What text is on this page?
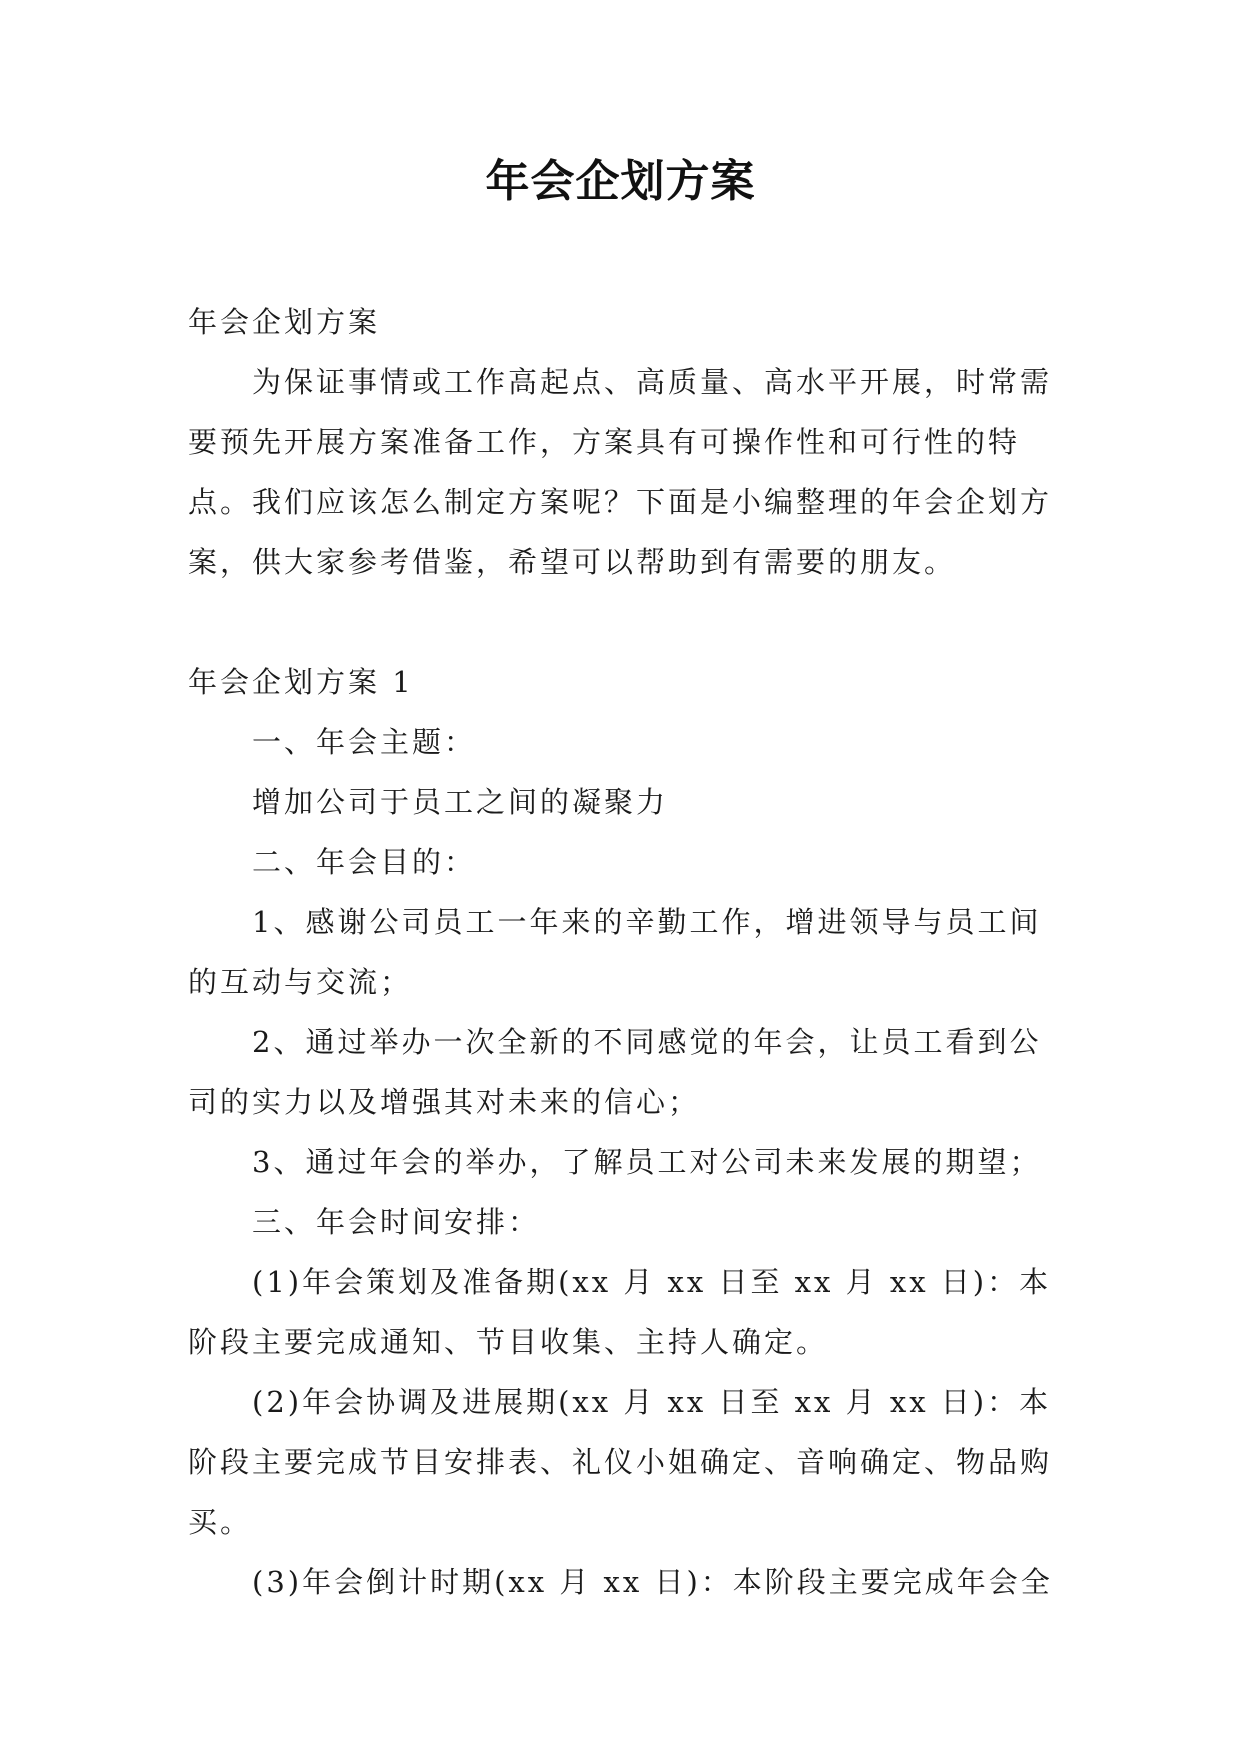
年会企划方案

年会企划方案

为保证事情或工作高起点、高质量、高水平开展，时常需要预先开展方案准备工作，方案具有可操作性和可行性的特点。我们应该怎么制定方案呢？下面是小编整理的年会企划方案，供大家参考借鉴，希望可以帮助到有需要的朋友。

年会企划方案 1

一、年会主题：

增加公司于员工之间的凝聚力

二、年会目的：

1、感谢公司员工一年来的辛勤工作，增进领导与员工间的互动与交流；

2、通过举办一次全新的不同感觉的年会，让员工看到公司的实力以及增强其对未来的信心；

3、通过年会的举办，了解员工对公司未来发展的期望；

三、年会时间安排：

(1)年会策划及准备期(xx 月 xx 日至 xx 月 xx 日)：本阶段主要完成通知、节目收集、主持人确定。

(2)年会协调及进展期(xx 月 xx 日至 xx 月 xx 日)：本阶段主要完成节目安排表、礼仪小姐确定、音响确定、物品购买。

(3)年会倒计时期(xx 月 xx 日)：本阶段主要完成年会全
